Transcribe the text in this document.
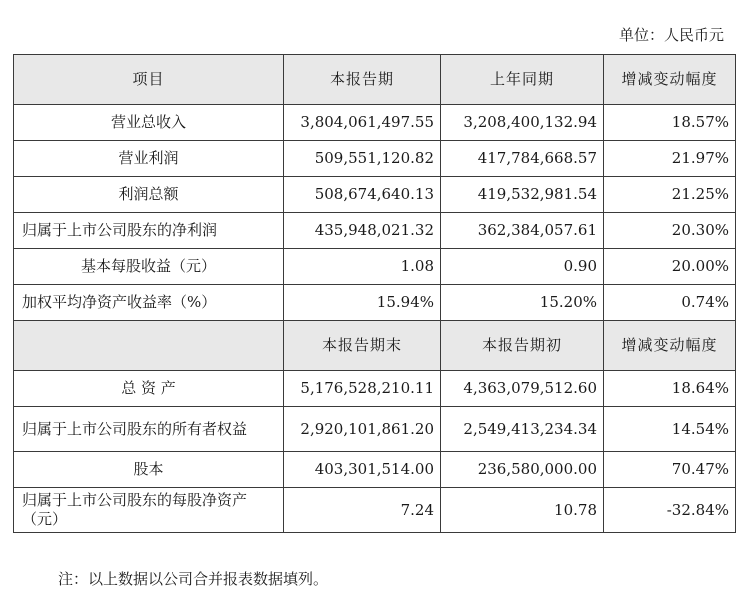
单位：人民币元
项目	本报告期	上年同期	增减变动幅度
营业总收入	3,804,061,497.55	3,208,400,132.94	18.57%
营业利润	509,551,120.82	417,784,668.57	21.97%
利润总额	508,674,640.13	419,532,981.54	21.25%
归属于上市公司股东的净利润	435,948,021.32	362,384,057.61	20.30%
基本每股收益（元）	1.08	0.90	20.00%
加权平均净资产收益率（%）	15.94%	15.20%	0.74%
	本报告期末	本报告期初	增减变动幅度
总 资 产	5,176,528,210.11	4,363,079,512.60	18.64%
归属于上市公司股东的所有者权益	2,920,101,861.20	2,549,413,234.34	14.54%
股本	403,301,514.00	236,580,000.00	70.47%
归属于上市公司股东的每股净资产（元）	7.24	10.78	-32.84%
注：以上数据以公司合并报表数据填列。
